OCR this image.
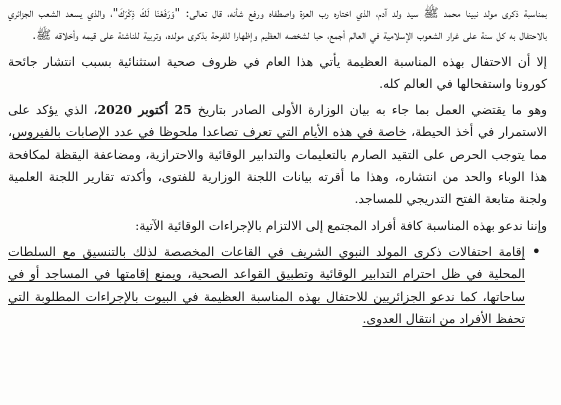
بمناسبة ذكرى مولد نبينا محمد ﷺ سيد ولد آدم، الذي اختاره رب العزة واصطفاه ورفع شأنه، قال تعالى: "وَرَفَعْنَا لَكَ ذِكْرَكَ"، والذي يسعد الشعب الجزائري بالاحتفال به كل سنة على غرار الشعوب الإسلامية في العالم أجمع، حبا لشخصه العظيم وإظهارا للفرحة بذكرى مولده، وتربية للناشئة على قيمه وأخلاقه ﷺ.

إلا أن الاحتفال بهذه المناسبة العظيمة يأتي هذا العام في ظروف صحية استثنائية بسبب انتشار جائحة كورونا واستفحالها في العالم كله.

وهو ما يقتضي العمل بما جاء به بيان الوزارة الأولى الصادر بتاريخ 25 أكتوبر 2020، الذي يؤكد على الاستمرار في أخذ الحيطة، خاصة في هذه الأيام التي تعرف تصاعدا ملحوظا في عدد الإصابات بالفيروس، مما يتوجب الحرص على التقيد الصارم بالتعليمات والتدابير الوقائية والاحترازية، ومضاعفة اليقظة لمكافحة هذا الوباء والحد من انتشاره، وهذا ما أقرته بيانات اللجنة الوزارية للفتوى، وأكدته تقارير اللجنة العلمية ولجنة متابعة الفتح التدريجي للمساجد.

وإننا ندعو بهذه المناسبة كافة أفراد المجتمع إلى الالتزام بالإجراءات الوقائية الآتية:

• إقامة احتفالات ذكرى المولد النبوي الشريف في القاعات المخصصة لذلك بالتنسيق مع السلطات المحلية في ظل احترام التدابير الوقائية وتطبيق القواعد الصحية، ويمنع إقامتها في المساجد أو في ساحاتها، كما ندعو الجزائريين للاحتفال بهذه المناسبة العظيمة في البيوت بالإجراءات المطلوبة التي تحفظ الأفراد من انتقال العدوى.
